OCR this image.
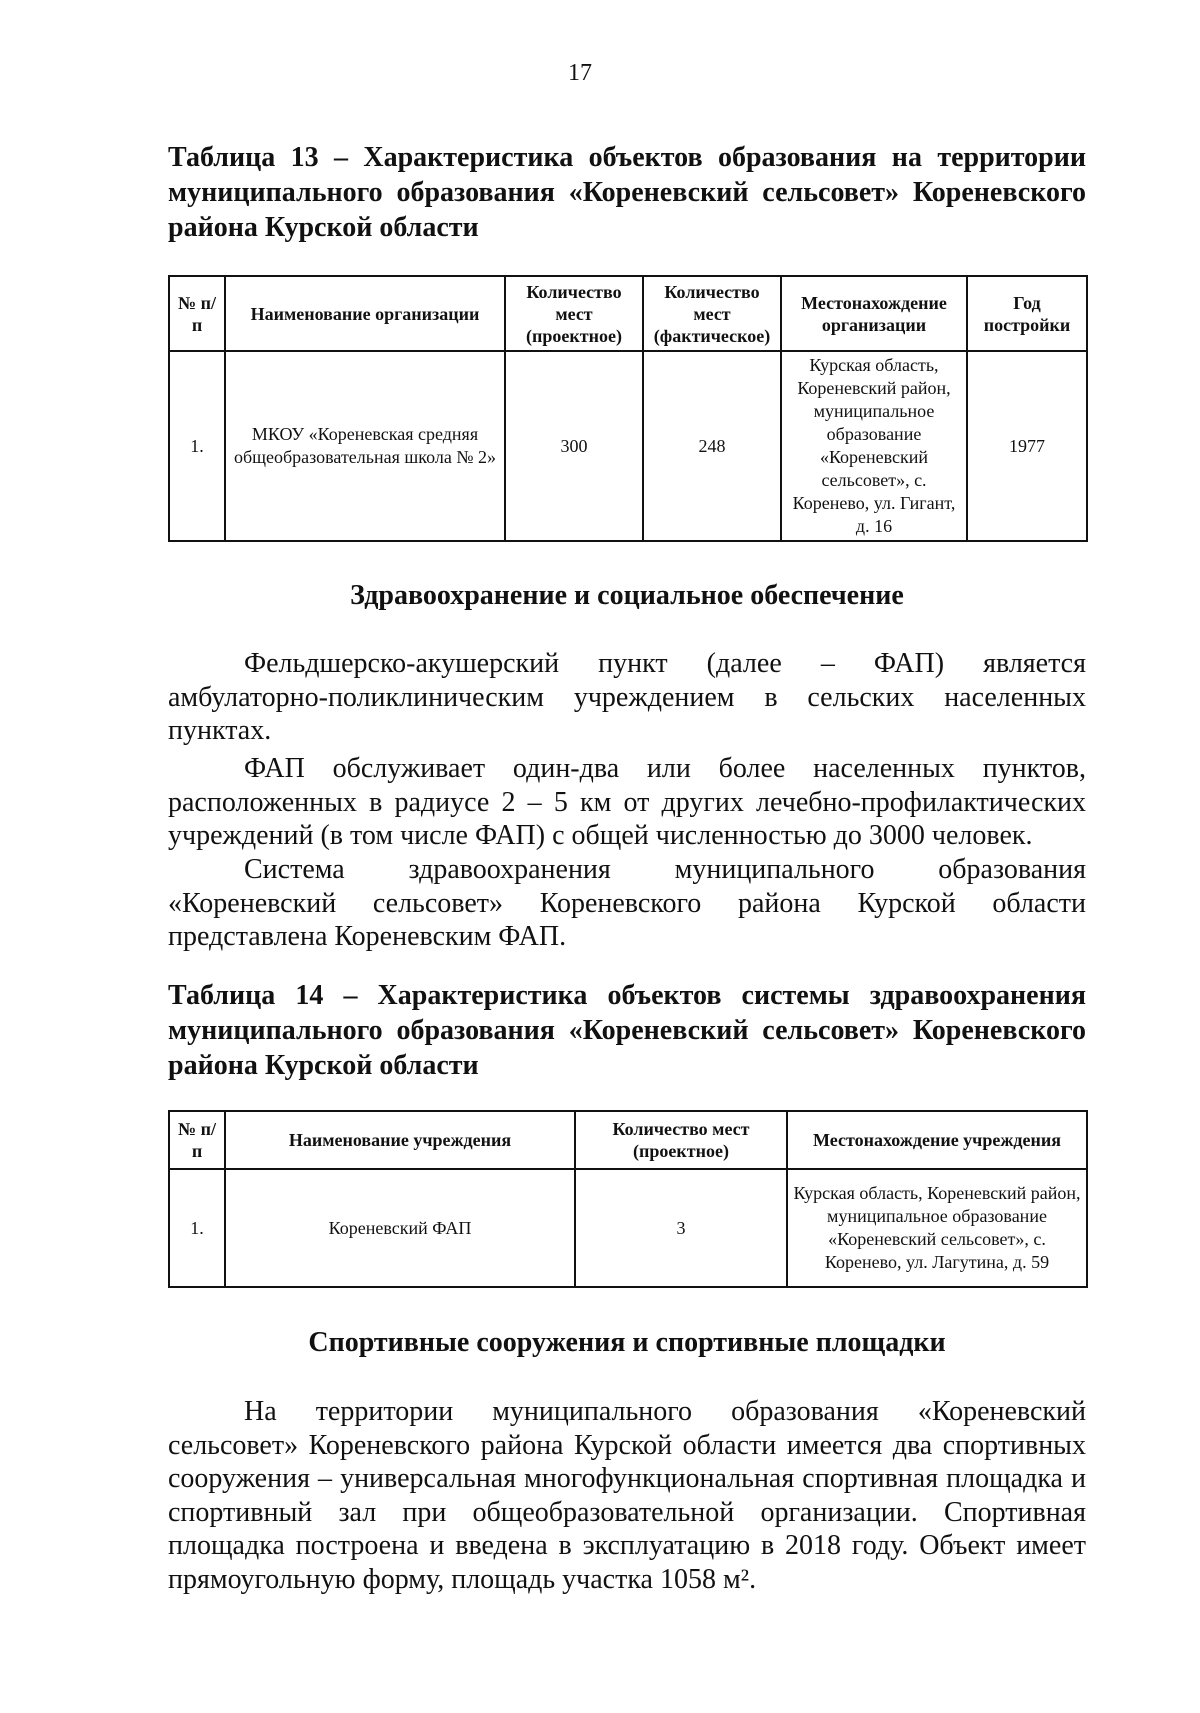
17
Таблица 13 – Характеристика объектов образования на территории муниципального образования «Кореневский сельсовет» Кореневского района Курской области
№ п/п	Наименование организации	Количество мест (проектное)	Количество мест (фактическое)	Местонахождение организации	Год постройки
1.	МКОУ «Кореневская средняя общеобразовательная школа № 2»	300	248	Курская область, Кореневский район, муниципальное образование «Кореневский сельсовет», с. Коренево, ул. Гигант, д. 16	1977
Здравоохранение и социальное обеспечение

Фельдшерско-акушерский пункт (далее – ФАП) является амбулаторно-поликлиническим учреждением в сельских населенных пунктах.

ФАП обслуживает один-два или более населенных пунктов, расположенных в радиусе 2 – 5 км от других лечебно-профилактических учреждений (в том числе ФАП) с общей численностью до 3000 человек.

Система здравоохранения муниципального образования «Кореневский сельсовет» Кореневского района Курской области представлена Кореневским ФАП.

Таблица 14 – Характеристика объектов системы здравоохранения муниципального образования «Кореневский сельсовет» Кореневского района Курской области
№ п/п	Наименование учреждения	Количество мест (проектное)	Местонахождение учреждения
1.	Кореневский ФАП	3	Курская область, Кореневский район, муниципальное образование «Кореневский сельсовет», с. Коренево, ул. Лагутина, д. 59
Спортивные сооружения и спортивные площадки

На территории муниципального образования «Кореневский сельсовет» Кореневского района Курской области имеется два спортивных сооружения – универсальная многофункциональная спортивная площадка и спортивный зал при общеобразовательной организации. Спортивная площадка построена и введена в эксплуатацию в 2018 году. Объект имеет прямоугольную форму, площадь участка 1058 м².
